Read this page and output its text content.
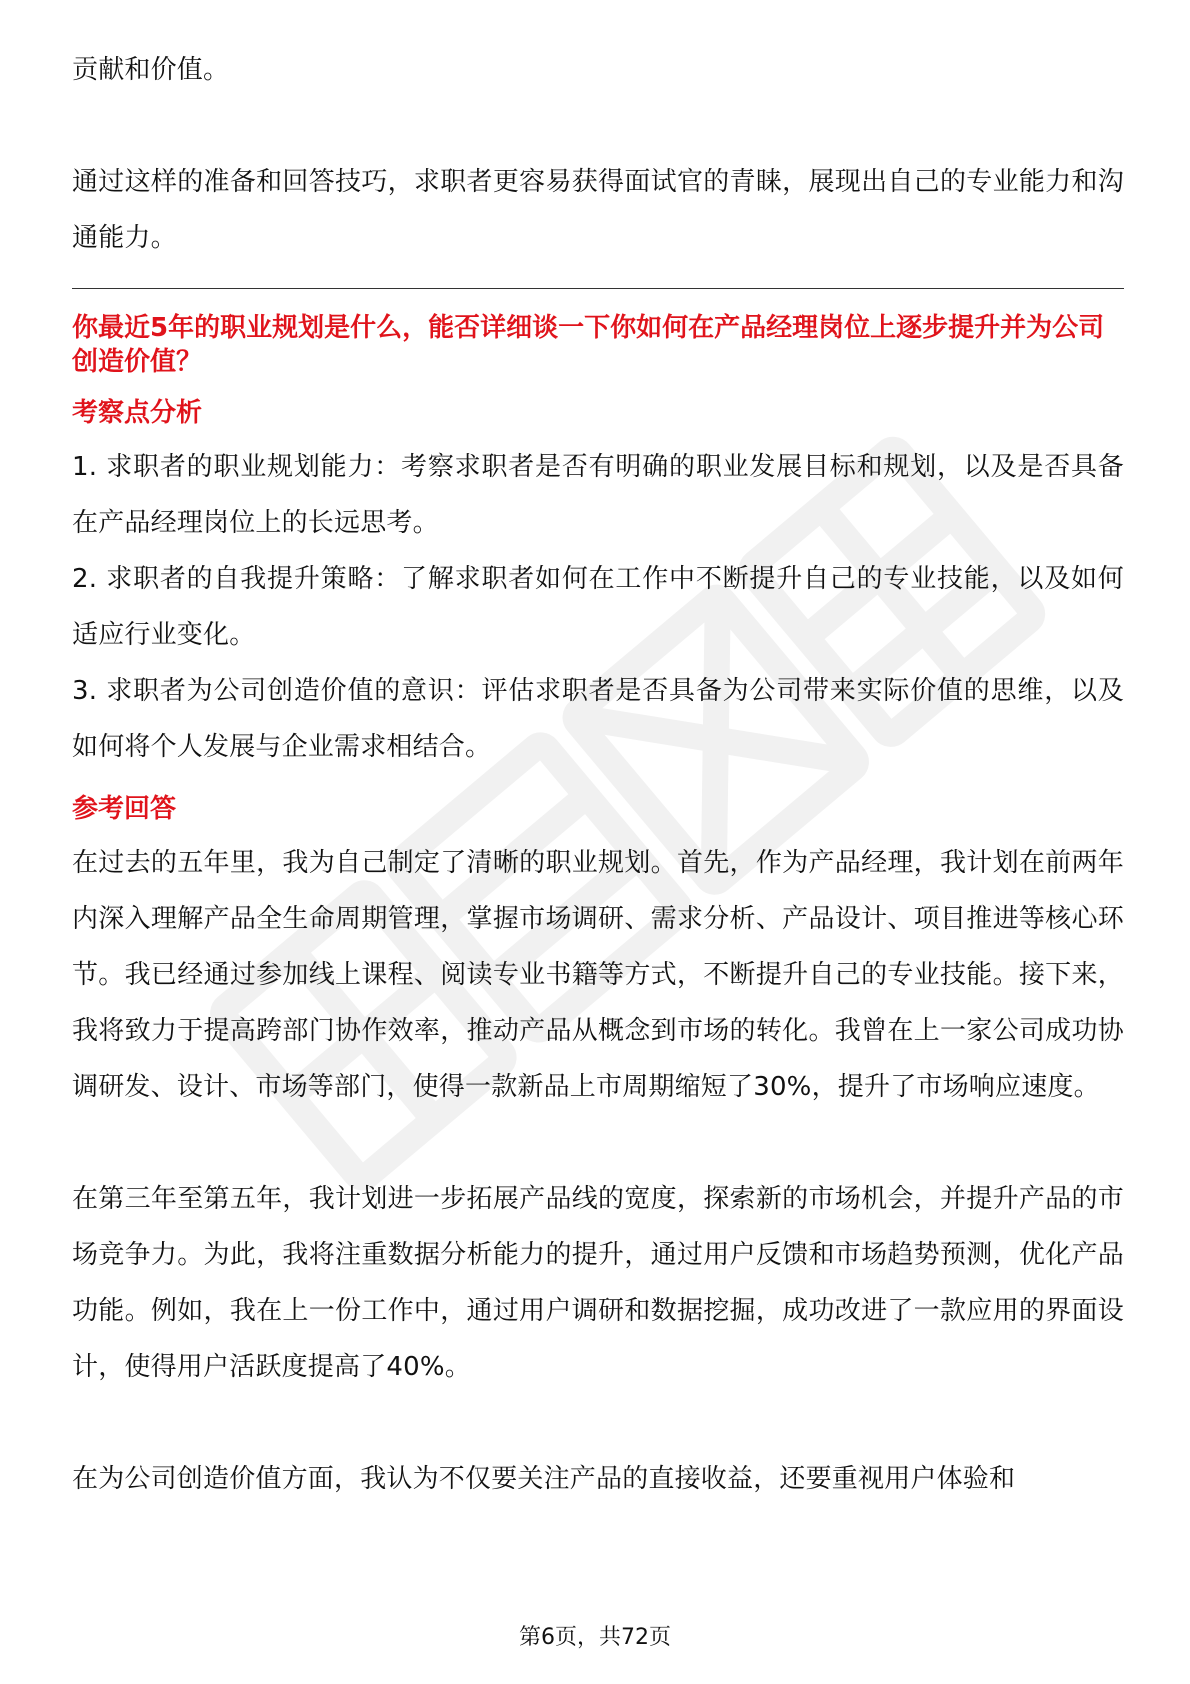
贡献和价值。

通过这样的准备和回答技巧，求职者更容易获得面试官的青睐，展现出自己的专业能力和沟通能力。

你最近5年的职业规划是什么，能否详细谈一下你如何在产品经理岗位上逐步提升并为公司创造价值？

考察点分析

1. 求职者的职业规划能力：考察求职者是否有明确的职业发展目标和规划，以及是否具备在产品经理岗位上的长远思考。

2. 求职者的自我提升策略：了解求职者如何在工作中不断提升自己的专业技能，以及如何适应行业变化。

3. 求职者为公司创造价值的意识：评估求职者是否具备为公司带来实际价值的思维，以及如何将个人发展与企业需求相结合。

参考回答

在过去的五年里，我为自己制定了清晰的职业规划。首先，作为产品经理，我计划在前两年内深入理解产品全生命周期管理，掌握市场调研、需求分析、产品设计、项目推进等核心环节。我已经通过参加线上课程、阅读专业书籍等方式，不断提升自己的专业技能。接下来，我将致力于提高跨部门协作效率，推动产品从概念到市场的转化。我曾在上一家公司成功协调研发、设计、市场等部门，使得一款新品上市周期缩短了30%，提升了市场响应速度。

在第三年至第五年，我计划进一步拓展产品线的宽度，探索新的市场机会，并提升产品的市场竞争力。为此，我将注重数据分析能力的提升，通过用户反馈和市场趋势预测，优化产品功能。例如，我在上一份工作中，通过用户调研和数据挖掘，成功改进了一款应用的界面设计，使得用户活跃度提高了40%。

在为公司创造价值方面，我认为不仅要关注产品的直接收益，还要重视用户体验和

第6页，共72页
